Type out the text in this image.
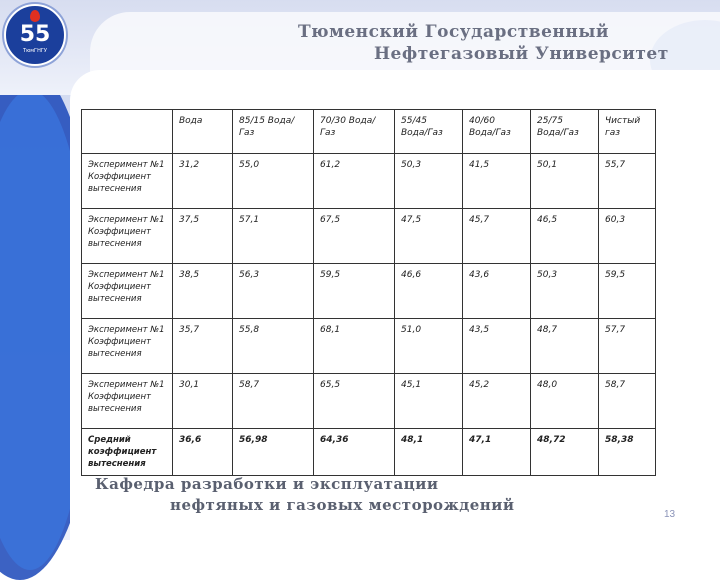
55
ТюмГНГУ
Тюменский Государственный
Нефтегазовый Университет
	Вода	85/15 Вода/Газ	70/30 Вода/Газ	55/45 Вода/Газ	40/60 Вода/Газ	25/75 Вода/Газ	Чистый газ
Эксперимент №1 Коэффициент вытеснения	31,2	55,0	61,2	50,3	41,5	50,1	55,7
Эксперимент №1 Коэффициент вытеснения	37,5	57,1	67,5	47,5	45,7	46,5	60,3
Эксперимент №1 Коэффициент вытеснения	38,5	56,3	59,5	46,6	43,6	50,3	59,5
Эксперимент №1 Коэффициент вытеснения	35,7	55,8	68,1	51,0	43,5	48,7	57,7
Эксперимент №1 Коэффициент вытеснения	30,1	58,7	65,5	45,1	45,2	48,0	58,7
Средний коэффициент вытеснения	36,6	56,98	64,36	48,1	47,1	48,72	58,38
Кафедра разработки и эксплуатации
нефтяных и газовых месторождений
13
